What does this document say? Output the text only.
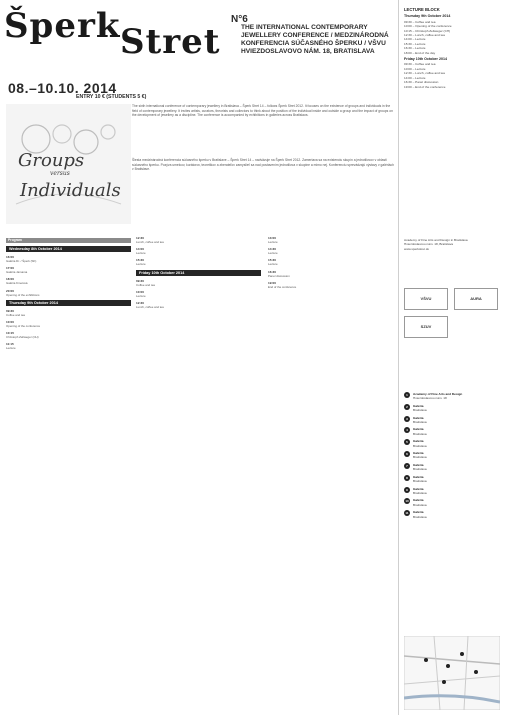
Šperk Stret
N°6
THE INTERNATIONAL CONTEMPORARY JEWELLERY CONFERENCE / MEDZINÁRODNÁ KONFERENCIA SÚČASNÉHO ŠPERKU / VŠVU HVIEZDOSLAVOVO NÁM. 18, BRATISLAVA
08.–10.10. 2014
ENTRY 10 € (STUDENTS 5 €)
Groups
versus
Individuals
The sixth international conference of contemporary jewellery in Bratislava – Šperk Stret 14 – follows Šperk Stret 2012. It focuses on the existence of groups and individuals in the field of contemporary jewellery. It invites artists, curators, theorists and collectors to think about the position of the individual inside and outside a group and the impact of groups on the development of jewellery as a discipline. The conference is accompanied by exhibitions in galleries across Bratislava.
Šiesta medzinárodná konferencia súčasného šperku v Bratislave – Šperk Stret 14 – nadväzuje na Šperk Stret 2012. Zameriava sa na existenciu skupín a jednotlivcov v oblasti súčasného šperku. Pozýva umelcov, kurátorov, teoretikov a zberateľov zamyslieť sa nad postavením jednotlivca v skupine a mimo nej. Konferenciu sprevádzajú výstavy v galériách v Bratislave.
Program
Wednesday 8th October 2014
16:00
Galéria Dr. / Šperk (SK)
17:00
Galéria Jamama
18:00
Galéria Kmetová
20:00
Opening of the exhibitions
Thursday 9th October 2014
09:30
Coffee and tea
10:00
Opening of the conference
10:15
Christoph Zellweger (CH)
11:15
Lecture
12:30
Lunch, coffee and tea
14:00
Lecture
15:30
Lecture
Friday 10th October 2014
09:30
Coffee and tea
10:00
Lecture
12:30
Lunch, coffee and tea
13:00
Lecture
14:30
Lecture
15:30
Lecture
16:30
Panel discussion
19:00
End of the conference
LECTURE BLOCK
Thursday 9th October 2014
09:30 – Coffee and tea
10:00 – Opening of the conference
10:15 – Christoph Zellweger (CH)
12:30 – Lunch, coffee and tea
14:00 – Lecture
15:30 – Lecture
16:30 – Lecture
18:00 – End of the day
Friday 10th October 2014
09:30 – Coffee and tea
10:00 – Lecture
12:30 – Lunch, coffee and tea
14:00 – Lecture
16:30 – Panel discussion
19:00 – End of the conference
Academy of Fine Arts and Design in Bratislava
Hviezdoslavovo nám. 18, Bratislava
www.sperkstret.sk
VŠVU	AURA
SZUV
1	Academy of Fine Arts and Design
Hviezdoslavovo nám. 18
2	Galéria
Bratislava
3	Galéria
Bratislava
4	Galéria
Bratislava
5	Galéria
Bratislava
6	Galéria
Bratislava
7	Galéria
Bratislava
8	Galéria
Bratislava
9	Galéria
Bratislava
10	Galéria
Bratislava
11	Galéria
Bratislava
